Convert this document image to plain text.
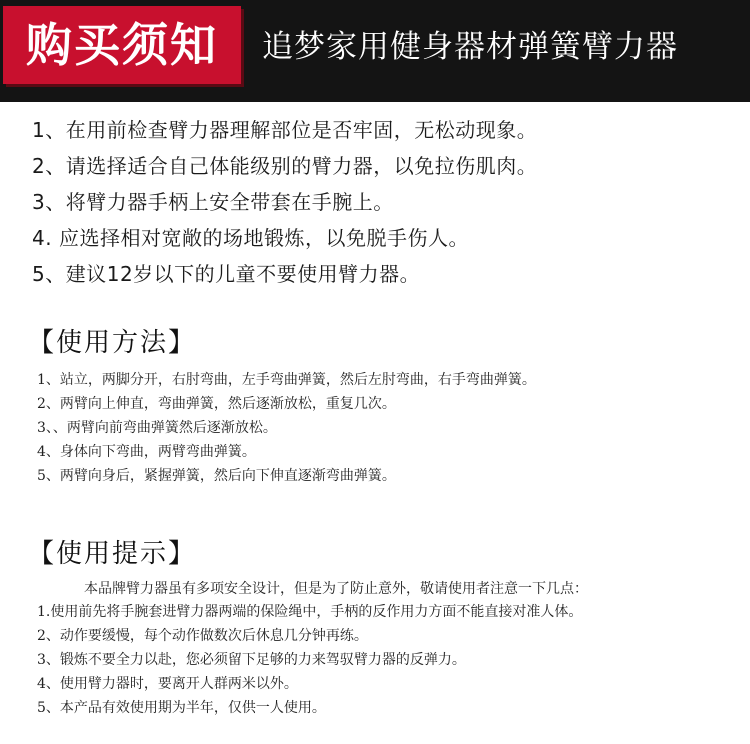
购买须知	追梦家用健身器材弹簧臂力器
1、在用前检查臂力器理解部位是否牢固，无松动现象。
2、请选择适合自己体能级别的臂力器，以免拉伤肌肉。
3、将臂力器手柄上安全带套在手腕上。
4. 应选择相对宽敞的场地锻炼，以免脱手伤人。
5、建议12岁以下的儿童不要使用臂力器。
【使用方法】
1、站立，两脚分开，右肘弯曲，左手弯曲弹簧，然后左肘弯曲，右手弯曲弹簧。
2、两臂向上伸直，弯曲弹簧，然后逐渐放松，重复几次。
3、、两臂向前弯曲弹簧然后逐渐放松。
4、身体向下弯曲，两臂弯曲弹簧。
5、两臂向身后，紧握弹簧，然后向下伸直逐渐弯曲弹簧。
【使用提示】
本品牌臂力器虽有多项安全设计，但是为了防止意外，敬请使用者注意一下几点：
1.使用前先将手腕套进臂力器两端的保险绳中，手柄的反作用力方面不能直接对准人体。
2、动作要缓慢，每个动作做数次后休息几分钟再练。
3、锻炼不要全力以赴，您必须留下足够的力来驾驭臂力器的反弹力。
4、使用臂力器时，要离开人群两米以外。
5、本产品有效使用期为半年，仅供一人使用。
